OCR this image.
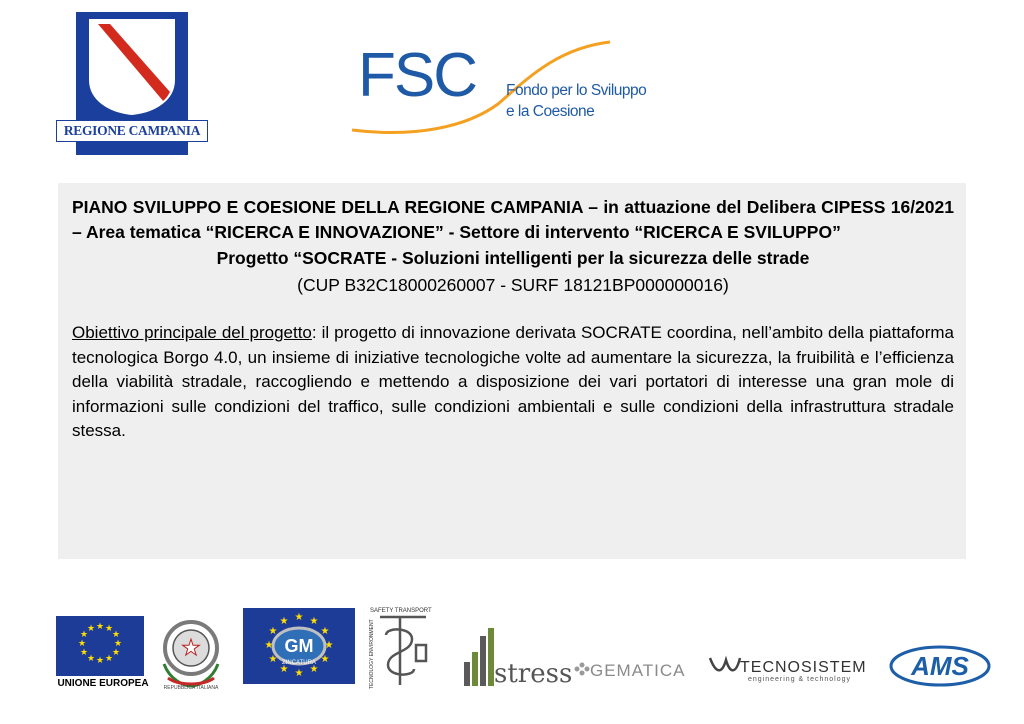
REGIONE CAMPANIA
FSC Fondo per lo Sviluppo
e la Coesione

PIANO SVILUPPO E COESIONE DELLA REGIONE CAMPANIA – in attuazione del Delibera CIPESS 16/2021 – Area tematica “RICERCA E INNOVAZIONE” - Settore di intervento “RICERCA E SVILUPPO”

Progetto “SOCRATE - Soluzioni intelligenti per la sicurezza delle strade

(CUP B32C18000260007 - SURF 18121BP000000016)

Obiettivo principale del progetto: il progetto di innovazione derivata SOCRATE coordina, nell’ambito della piattaforma tecnologica Borgo 4.0, un insieme di iniziative tecnologiche volte ad aumentare la sicurezza, la fruibilità e l’efficienza della viabilità stradale, raccogliendo e mettendo a disposizione dei vari portatori di interesse una gran mole di informazioni sulle condizioni del traffico, sulle condizioni ambientali e sulle condizioni della infrastruttura stradale stessa.

★ ★
★
★
★
★
★
★
★
★
★
★
UNIONE EUROPEA
★
REPUBBLICA ITALIANA
★ ★
★
★
★
★
★
★
★
★
★
★
GM
ZINCATURA
SAFETY TRANSPORT
TECNOLOGY ENVIRONMENT	stress GEMATICA	TECNOSISTEM
engineering & technology AMS
